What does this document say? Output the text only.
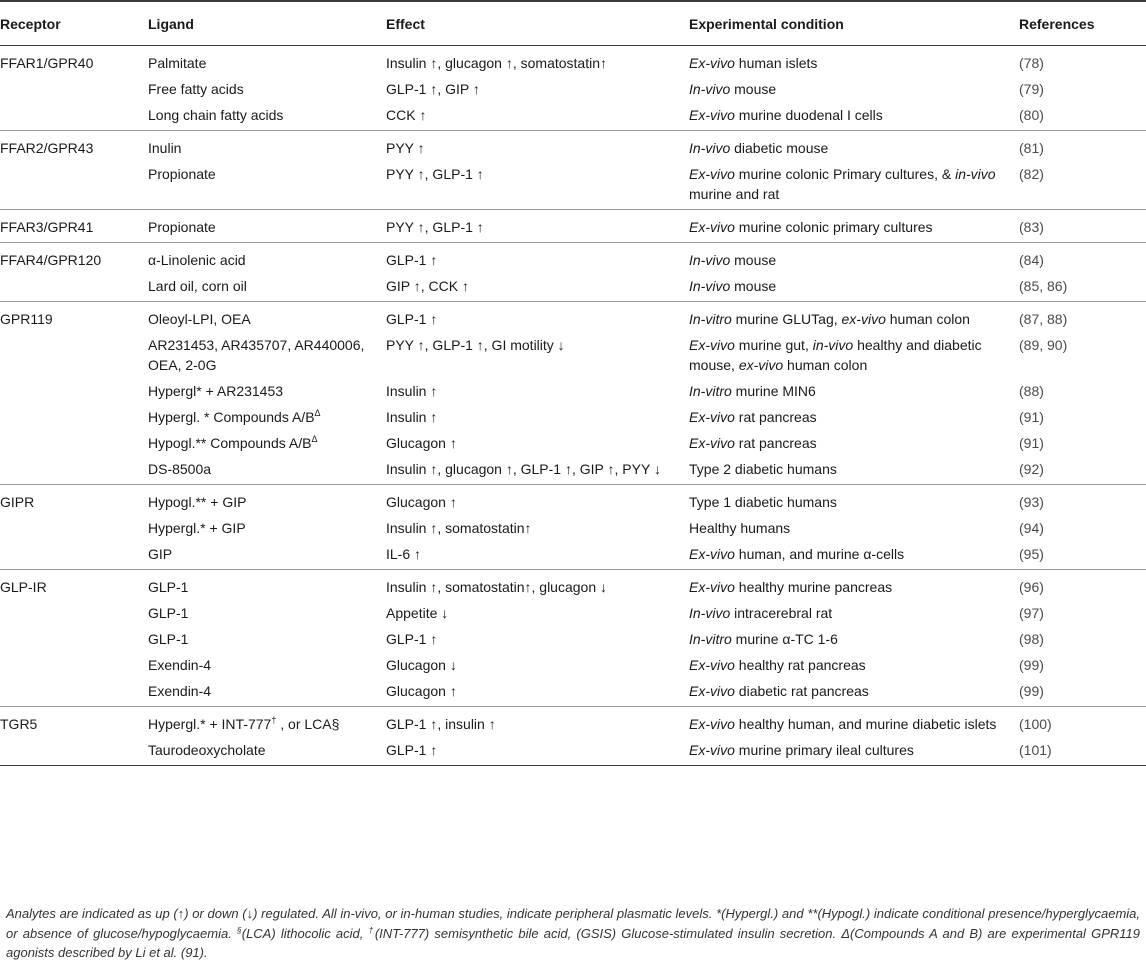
Receptor	Ligand	Effect	Experimental condition	References
FFAR1/GPR40	Palmitate	Insulin ↑, glucagon ↑, somatostatin↑	Ex-vivo human islets	(78)
	Free fatty acids	GLP-1 ↑, GIP ↑	In-vivo mouse	(79)
	Long chain fatty acids	CCK ↑	Ex-vivo murine duodenal I cells	(80)
FFAR2/GPR43	Inulin	PYY ↑	In-vivo diabetic mouse	(81)
	Propionate	PYY ↑, GLP-1 ↑	Ex-vivo murine colonic Primary cultures, & in-vivo murine and rat	(82)
FFAR3/GPR41	Propionate	PYY ↑, GLP-1 ↑	Ex-vivo murine colonic primary cultures	(83)
FFAR4/GPR120	α-Linolenic acid	GLP-1 ↑	In-vivo mouse	(84)
	Lard oil, corn oil	GIP ↑, CCK ↑	In-vivo mouse	(85, 86)
GPR119	Oleoyl-LPI, OEA	GLP-1 ↑	In-vitro murine GLUTag, ex-vivo human colon	(87, 88)
	AR231453, AR435707, AR440006, OEA, 2-0G	PYY ↑, GLP-1 ↑, GI motility ↓	Ex-vivo murine gut, in-vivo healthy and diabetic mouse, ex-vivo human colon	(89, 90)
	Hypergl* + AR231453	Insulin ↑	In-vitro murine MIN6	(88)
	Hypergl. * Compounds $A/B^\Delta$	Insulin ↑	Ex-vivo rat pancreas	(91)
	Hypogl.** Compounds $A/B^\Delta$	Glucagon ↑	Ex-vivo rat pancreas	(91)
	DS-8500a	Insulin ↑, glucagon ↑, GLP-1 ↑, GIP ↑, PYY ↓	Type 2 diabetic humans	(92)
GIPR	Hypogl.** + GIP	Glucagon ↑	Type 1 diabetic humans	(93)
	Hypergl.* + GIP	Insulin ↑, somatostatin↑	Healthy humans	(94)
	GIP	IL-6 ↑	Ex-vivo human, and murine α-cells	(95)
GLP-IR	GLP-1	Insulin ↑, somatostatin↑, glucagon ↓	Ex-vivo healthy murine pancreas	(96)
	GLP-1	Appetite ↓	In-vivo intracerebral rat	(97)
	GLP-1	GLP-1 ↑	In-vitro murine α-TC 1-6	(98)
	Exendin-4	Glucagon ↓	Ex-vivo healthy rat pancreas	(99)
	Exendin-4	Glucagon ↑	Ex-vivo diabetic rat pancreas	(99)
TGR5	Hypergl.* + INT-777† , or LCA§	GLP-1 ↑, insulin ↑	Ex-vivo healthy human, and murine diabetic islets	(100)
	Taurodeoxycholate	GLP-1 ↑	Ex-vivo murine primary ileal cultures	(101)

Analytes are indicated as up (↑) or down (↓) regulated. All in-vivo, or in-human studies, indicate peripheral plasmatic levels. *(Hypergl.) and **(Hypogl.) indicate conditional presence/hyperglycaemia, or absence of glucose/hypoglycaemia. §(LCA) lithocolic acid, †(INT-777) semisynthetic bile acid, (GSIS) Glucose-stimulated insulin secretion. Δ(Compounds A and B) are experimental GPR119 agonists described by Li et al. (91).
